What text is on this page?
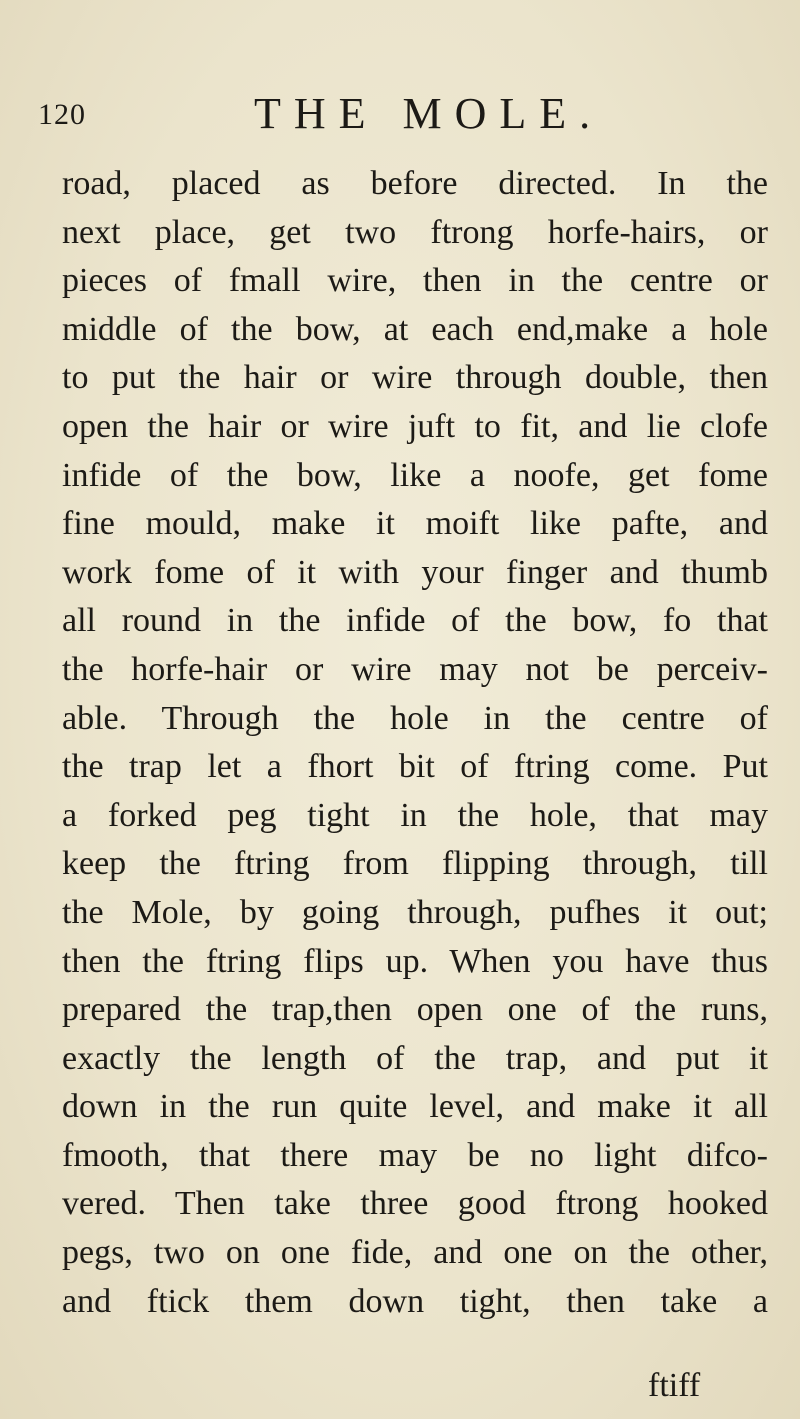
120	THE MOLE.
road, placed as before directed. In the
next place, get two ftrong horfe-hairs, or
pieces of fmall wire, then in the centre or
middle of the bow, at each end,make a hole
to put the hair or wire through double, then
open the hair or wire juft to fit, and lie clofe
infide of the bow, like a noofe, get fome
fine mould, make it moift like pafte, and
work fome of it with your finger and thumb
all round in the infide of the bow, fo that
the horfe-hair or wire may not be perceiv-
able. Through the hole in the centre of
the trap let a fhort bit of ftring come. Put
a forked peg tight in the hole, that may
keep the ftring from flipping through, till
the Mole, by going through, pufhes it out;
then the ftring flips up. When you have thus
prepared the trap,then open one of the runs,
exactly the length of the trap, and put it
down in the run quite level, and make it all
fmooth, that there may be no light difco-
vered. Then take three good ftrong hooked
pegs, two on one fide, and one on the other,
and ftick them down tight, then take a
ftiff
